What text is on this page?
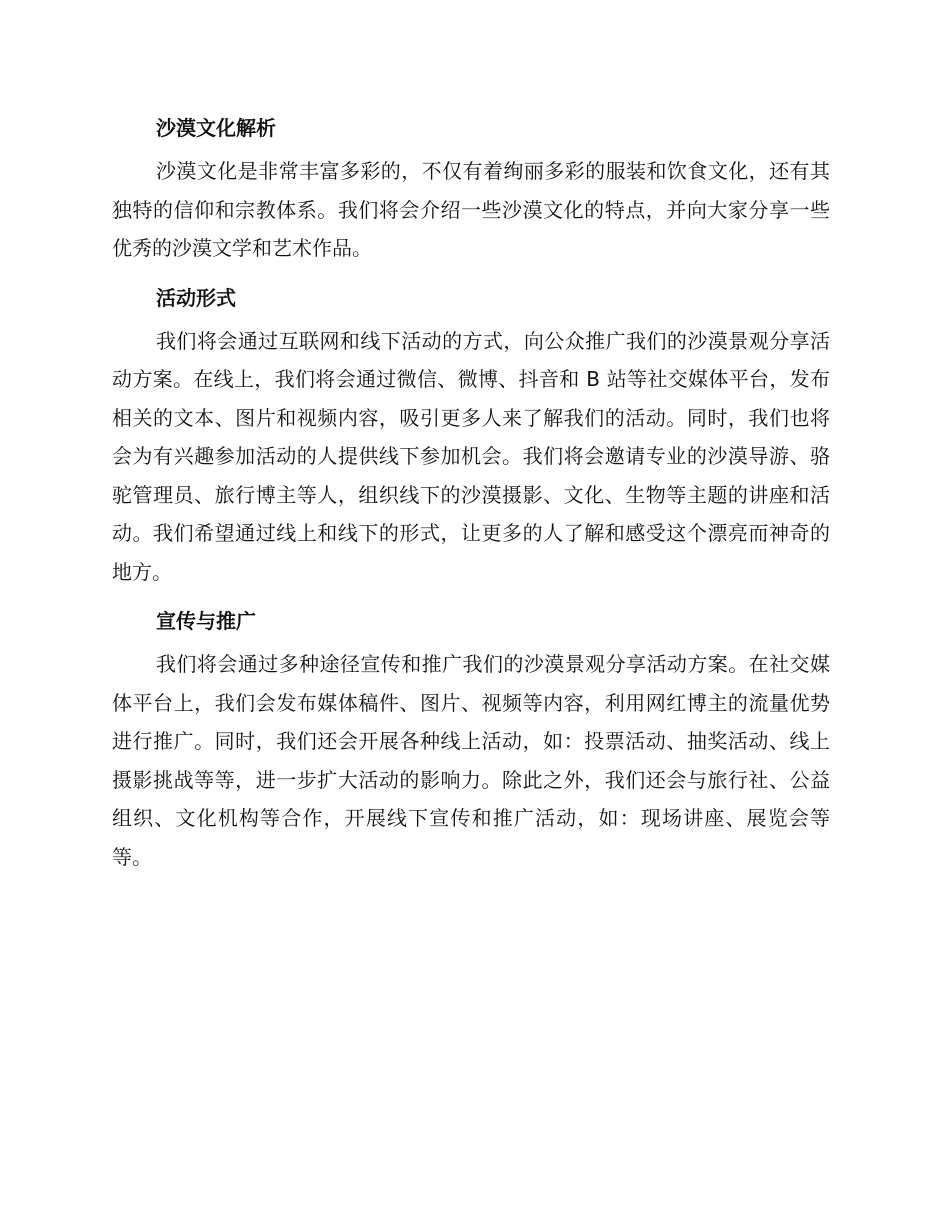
沙漠文化解析

沙漠文化是非常丰富多彩的，不仅有着绚丽多彩的服装和饮食文化，还有其独特的信仰和宗教体系。我们将会介绍一些沙漠文化的特点，并向大家分享一些优秀的沙漠文学和艺术作品。

活动形式

我们将会通过互联网和线下活动的方式，向公众推广我们的沙漠景观分享活动方案。在线上，我们将会通过微信、微博、抖音和 B 站等社交媒体平台，发布相关的文本、图片和视频内容，吸引更多人来了解我们的活动。同时，我们也将会为有兴趣参加活动的人提供线下参加机会。我们将会邀请专业的沙漠导游、骆驼管理员、旅行博主等人，组织线下的沙漠摄影、文化、生物等主题的讲座和活动。我们希望通过线上和线下的形式，让更多的人了解和感受这个漂亮而神奇的地方。

宣传与推广

我们将会通过多种途径宣传和推广我们的沙漠景观分享活动方案。在社交媒体平台上，我们会发布媒体稿件、图片、视频等内容，利用网红博主的流量优势进行推广。同时，我们还会开展各种线上活动，如：投票活动、抽奖活动、线上摄影挑战等等，进一步扩大活动的影响力。除此之外，我们还会与旅行社、公益组织、文化机构等合作，开展线下宣传和推广活动，如：现场讲座、展览会等等。
